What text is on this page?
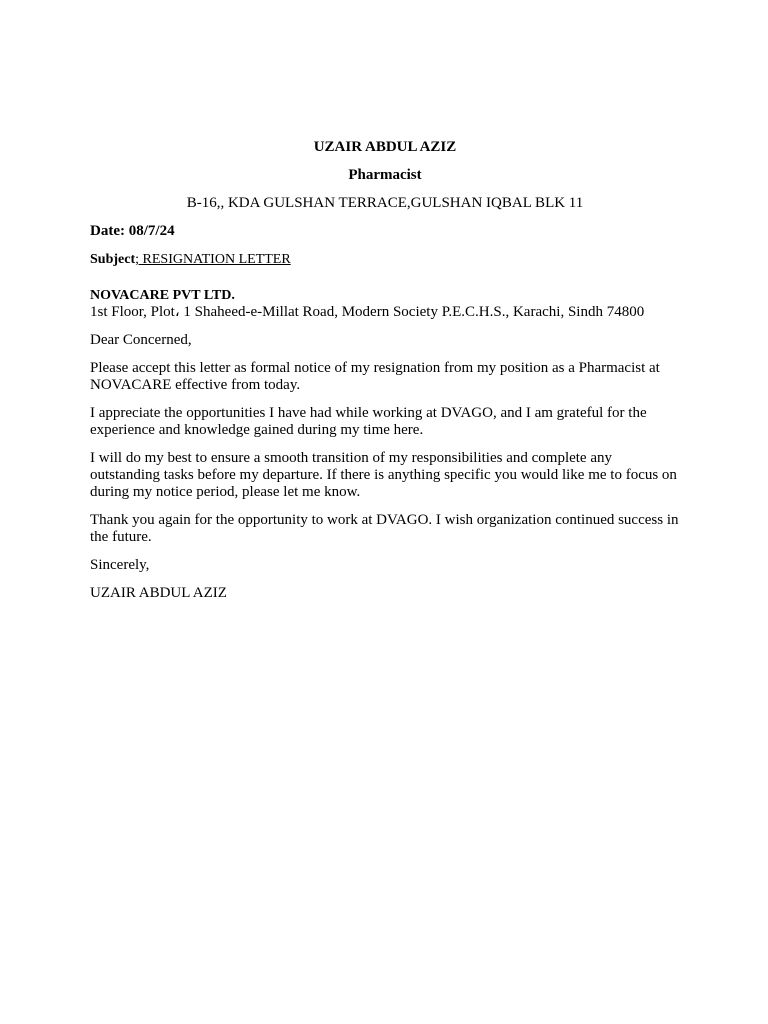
UZAIR ABDUL AZIZ
Pharmacist
B-16,, KDA GULSHAN TERRACE,GULSHAN IQBAL BLK 11
Date: 08/7/24
Subject; RESIGNATION LETTER
NOVACARE PVT LTD.
1st Floor, Plot، 1 Shaheed-e-Millat Road, Modern Society P.E.C.H.S., Karachi, Sindh 74800
Dear Concerned,
Please accept this letter as formal notice of my resignation from my position as a Pharmacist at NOVACARE effective from today.
I appreciate the opportunities I have had while working at DVAGO, and I am grateful for the experience and knowledge gained during my time here.
I will do my best to ensure a smooth transition of my responsibilities and complete any outstanding tasks before my departure. If there is anything specific you would like me to focus on during my notice period, please let me know.
Thank you again for the opportunity to work at DVAGO. I wish organization continued success in the future.
Sincerely,
UZAIR ABDUL AZIZ
